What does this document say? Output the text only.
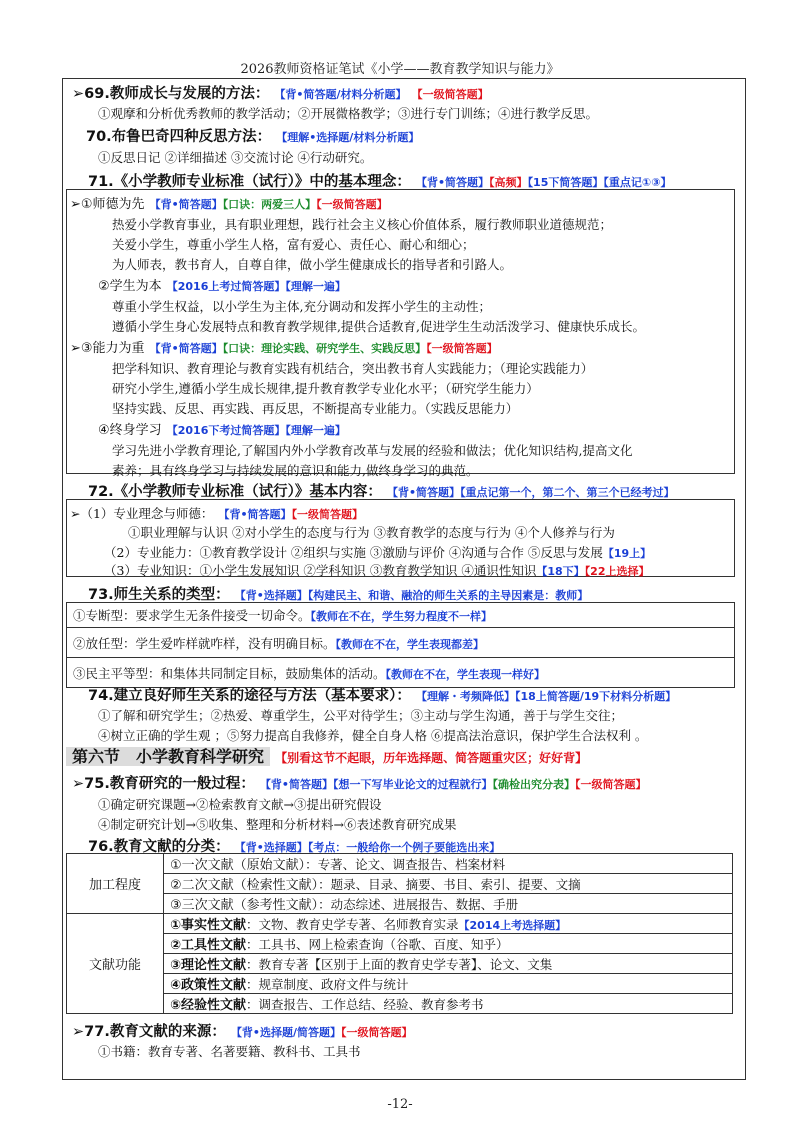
2026教师资格证笔试《小学——教育教学知识与能力》
➢69.教师成长与发展的方法： 【背•简答题/材料分析题】 【一级简答题】
①观摩和分析优秀教师的教学活动；②开展微格教学；③进行专门训练；④进行教学反思。
70.布鲁巴奇四种反思方法： 【理解•选择题/材料分析题】
①反思日记 ②详细描述 ③交流讨论 ④行动研究。
71.《小学教师专业标准（试行）》中的基本理念： 【背•简答题】【高频】【15下简答题】【重点记①③】
➢①师德为先 【背•简答题】【口诀：两爱三人】【一级简答题】
热爱小学教育事业，具有职业理想，践行社会主义核心价值体系，履行教师职业道德规范；
关爱小学生，尊重小学生人格，富有爱心、责任心、耐心和细心；
为人师表，教书育人，自尊自律，做小学生健康成长的指导者和引路人。
②学生为本 【2016上考过简答题】【理解一遍】
尊重小学生权益，以小学生为主体,充分调动和发挥小学生的主动性；
遵循小学生身心发展特点和教育教学规律,提供合适教育,促进学生生动活泼学习、健康快乐成长。
➢③能力为重 【背•简答题】【口诀：理论实践、研究学生、实践反思】【一级简答题】
把学科知识、教育理论与教育实践有机结合，突出教书育人实践能力；（理论实践能力）
研究小学生,遵循小学生成长规律,提升教育教学专业化水平；（研究学生能力）
坚持实践、反思、再实践、再反思，不断提高专业能力。（实践反思能力）
④终身学习 【2016下考过简答题】【理解一遍】
学习先进小学教育理论,了解国内外小学教育改革与发展的经验和做法；优化知识结构,提高文化
素养；具有终身学习与持续发展的意识和能力,做终身学习的典范。
72.《小学教师专业标准（试行）》基本内容： 【背•简答题】【重点记第一个，第二个、第三个已经考过】
➢（1）专业理念与师德： 【背•简答题】【一级简答题】
①职业理解与认识 ②对小学生的态度与行为 ③教育教学的态度与行为 ④个人修养与行为
（2）专业能力：①教育教学设计 ②组织与实施 ③激励与评价 ④沟通与合作 ⑤反思与发展【19上】
（3）专业知识：①小学生发展知识 ②学科知识 ③教育教学知识 ④通识性知识【18下】【22上选择】
73.师生关系的类型： 【背•选择题】【构建民主、和谐、融洽的师生关系的主导因素是：教师】
①专断型：要求学生无条件接受一切命令。【教师在不在，学生努力程度不一样】
②放任型：学生爱咋样就咋样，没有明确目标。【教师在不在，学生表现都差】
③民主平等型：和集体共同制定目标，鼓励集体的活动。【教师在不在，学生表现一样好】
74.建立良好师生关系的途径与方法（基本要求）： 【理解・考频降低】【18上简答题/19下材料分析题】
①了解和研究学生；②热爱、尊重学生，公平对待学生；③主动与学生沟通，善于与学生交往；
④树立正确的学生观 ；⑤努力提高自我修养，健全自身人格 ⑥提高法治意识，保护学生合法权利 。
第六节　小学教育科学研究 【别看这节不起眼，历年选择题、简答题重灾区；好好背】
➢75.教育研究的一般过程： 【背•简答题】【想一下写毕业论文的过程就行】【确检出究分表】【一级简答题】
①确定研究课题→②检索教育文献→③提出研究假设
④制定研究计划→⑤收集、整理和分析材料→⑥表述教育研究成果
76.教育文献的分类： 【背•选择题】【考点：一般给你一个例子要能选出来】
加工程度	①一次文献（原始文献）：专著、论文、调查报告、档案材料
	②二次文献（检索性文献）：题录、目录、摘要、书目、索引、提要、文摘
	③三次文献（参考性文献）：动态综述、进展报告、数据、手册
文献功能	①事实性文献：文物、教育史学专著、名师教育实录【2014上考选择题】
	②工具性文献：工具书、网上检索查询（谷歌、百度、知乎）
	③理论性文献：教育专著【区别于上面的教育史学专著】、论文、文集
	④政策性文献：规章制度、政府文件与统计
	⑤经验性文献：调查报告、工作总结、经验、教育参考书
➢77.教育文献的来源： 【背•选择题/简答题】【一级简答题】
①书籍：教育专著、名著要籍、教科书、工具书
-12-
